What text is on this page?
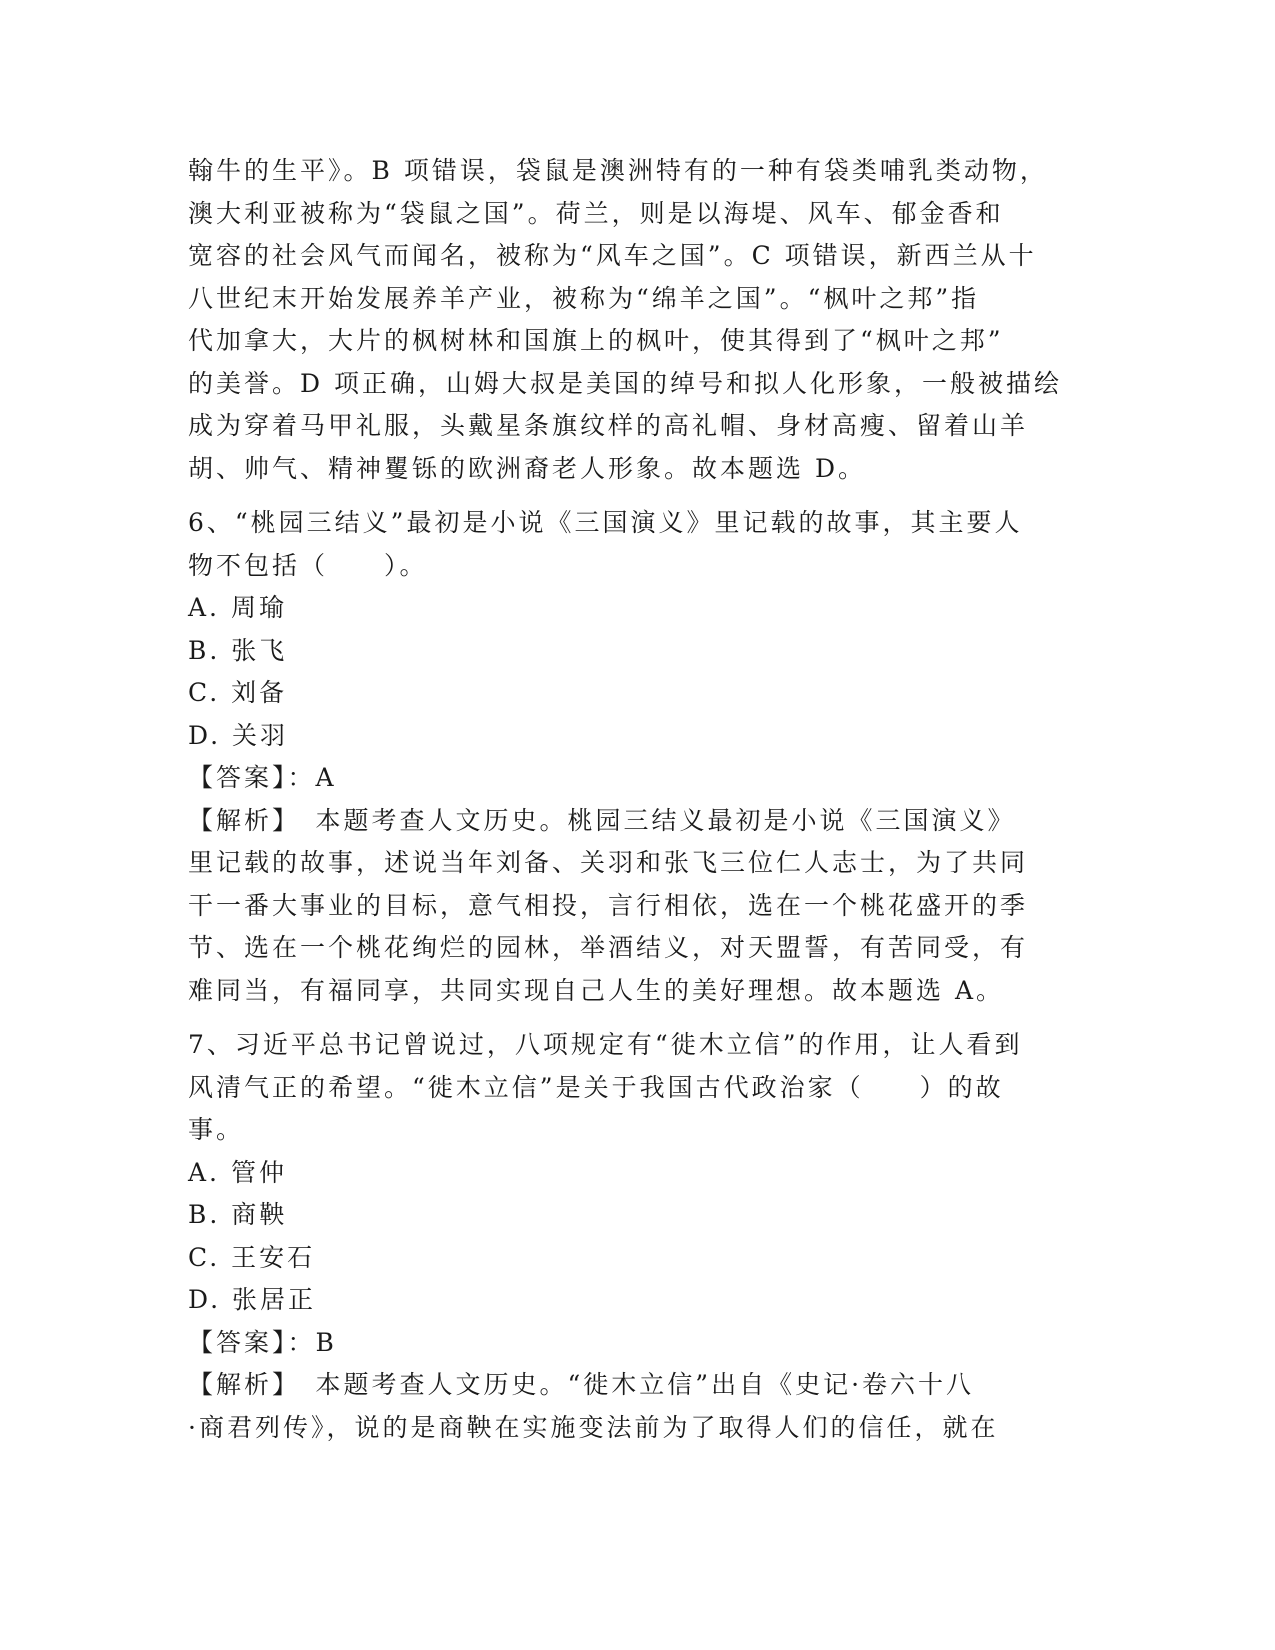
翰牛的生平》。B 项错误，袋鼠是澳洲特有的一种有袋类哺乳类动物，
澳大利亚被称为“袋鼠之国”。荷兰，则是以海堤、风车、郁金香和
宽容的社会风气而闻名，被称为“风车之国”。C 项错误，新西兰从十
八世纪末开始发展养羊产业，被称为“绵羊之国”。“枫叶之邦”指
代加拿大，大片的枫树林和国旗上的枫叶，使其得到了“枫叶之邦”
的美誉。D 项正确，山姆大叔是美国的绰号和拟人化形象，一般被描绘
成为穿着马甲礼服，头戴星条旗纹样的高礼帽、身材高瘦、留着山羊
胡、帅气、精神矍铄的欧洲裔老人形象。故本题选 D。
6、“桃园三结义”最初是小说《三国演义》里记载的故事，其主要人
物不包括（　　）。
A. 周瑜
B. 张飞
C. 刘备
D. 关羽
【答案】：A
【解析】　本题考查人文历史。桃园三结义最初是小说《三国演义》
里记载的故事，述说当年刘备、关羽和张飞三位仁人志士，为了共同
干一番大事业的目标，意气相投，言行相依，选在一个桃花盛开的季
节、选在一个桃花绚烂的园林，举酒结义，对天盟誓，有苦同受，有
难同当，有福同享，共同实现自己人生的美好理想。故本题选 A。
7、习近平总书记曾说过，八项规定有“徙木立信”的作用，让人看到
风清气正的希望。“徙木立信”是关于我国古代政治家（　　）的故
事。
A. 管仲
B. 商鞅
C. 王安石
D. 张居正
【答案】：B
【解析】　本题考查人文历史。“徙木立信”出自《史记·卷六十八
·商君列传》，说的是商鞅在实施变法前为了取得人们的信任，就在
